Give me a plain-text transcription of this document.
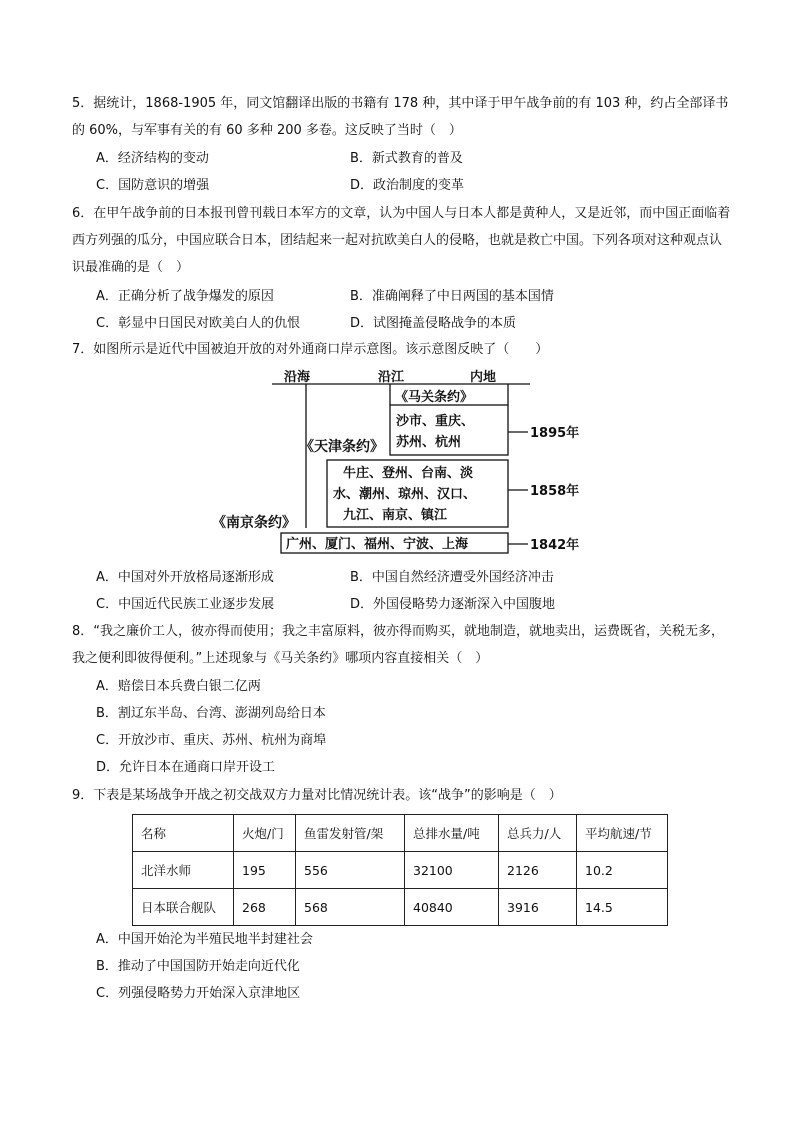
5．据统计，1868-1905 年，同文馆翻译出版的书籍有 178 种，其中译于甲午战争前的有 103 种，约占全部译书的 60%，与军事有关的有 60 多种 200 多卷。这反映了当时（　）

A．经济结构的变动	B．新式教育的普及
C．国防意识的增强	D．政治制度的变革

6．在甲午战争前的日本报刊曾刊载日本军方的文章，认为中国人与日本人都是黄种人，又是近邻，而中国正面临着西方列强的瓜分，中国应联合日本，团结起来一起对抗欧美白人的侵略，也就是救亡中国。下列各项对这种观点认识最准确的是（　）

A．正确分析了战争爆发的原因	B．准确阐释了中日两国的基本国情
C．彰显中日国民对欧美白人的仇恨	D．试图掩盖侵略战争的本质

7．如图所示是近代中国被迫开放的对外通商口岸示意图。该示意图反映了（　　）

沿海	沿江	内地
《马关条约》
沙市、重庆、
苏州、杭州
《天津条约》
牛庄、登州、台南、淡
水、潮州、琼州、汉口、
九江、南京、镇江
《南京条约》
广州、厦门、福州、宁波、上海
1895年
1858年
1842年
A．中国对外开放格局逐渐形成	B．中国自然经济遭受外国经济冲击
C．中国近代民族工业逐步发展	D．外国侵略势力逐渐深入中国腹地

8．“我之廉价工人，彼亦得而使用；我之丰富原料，彼亦得而购买，就地制造，就地卖出，运费既省，关税无多，我之便利即彼得便利。”上述现象与《马关条约》哪项内容直接相关（　）

A．赔偿日本兵费白银二亿两
B．割辽东半岛、台湾、澎湖列岛给日本
C．开放沙市、重庆、苏州、杭州为商埠
D．允许日本在通商口岸开设工

9．下表是某场战争开战之初交战双方力量对比情况统计表。该“战争”的影响是（　）

名称	火炮/门	鱼雷发射管/架	总排水量/吨	总兵力/人	平均航速/节
北洋水师	195	556	32100	2126	10.2
日本联合舰队	268	568	40840	3916	14.5
A．中国开始沦为半殖民地半封建社会
B．推动了中国国防开始走向近代化
C．列强侵略势力开始深入京津地区
